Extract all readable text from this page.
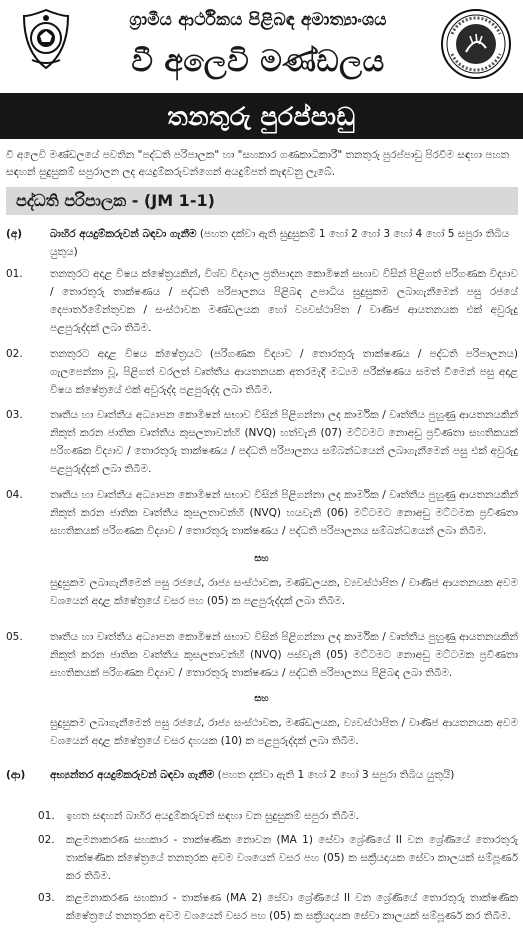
ග්‍රාමීය ආර්ථිකය පිළිබඳ අමාත්‍යාංශය
වී අලෙවි මණ්ඩලය
තනතුරු පුරප්පාඩු
වී අලෙවි මණ්ඩලයේ පවතින "පද්ධති පරිපාලක" හා "සහකාර ගණකාධිකාරී" තනතුරු පුරප්පාඩු පිරවීම සඳහා පහත සඳහන් සුදුසුකම් සපුරාලන ලද අයදුම්කරුවන්ගෙන් අයදුම්පත් කැඳවනු ලැබේ.
පද්ධති පරිපාලක - (JM 1-1)
(අ)	බාහිර අයදුම්කරුවන් බඳවා ගැනීම (පහත දක්වා ඇති සුදුසුකම් 1 හෝ 2 හෝ 3 හෝ 4 හෝ 5 සපුරා තිබිය යුතුය)
01.	තනතුරට අදාළ විෂය ක්ෂේත්‍රයකින්, විශ්ව විද්‍යාල ප්‍රතිපාදන කොමිෂන් සභාව විසින් පිළිගත් පරිගණක විද්‍යාව / තොරතුරු තාක්ෂණය / පද්ධති පරිපාලනය පිළිබඳ උපාධිය සුදුසුකම ලබාගැනීමෙන් පසු රජයේ දෙපාර්තමේන්තුවක / සංස්ථාවක මණ්ඩලයක හෝ ව්‍යවස්ථාපිත / වාණිජ ආයතනයක එක් අවුරුදු පළපුරුද්දක් ලබා තිබීම.
02.	තනතුරට අදාළ විෂය ක්ෂේත්‍රයට (පරිගණක විද්‍යාව / තොරතුරු තාක්ෂණය / පද්ධති පරිපාලනය) ගැලපෙන්නා වූ, පිළිගත් වරලත් වෘත්තීය ආයතනයක අතරමැදි මධ්‍යම පරීක්ෂණය සමත් වීමෙන් පසු අදාළ විෂය ක්ෂේත්‍රයේ එක් අවුරුද්ද පළපුරුද්ද ලබා තිබීම.
03.	තෘතීය හා වෘත්තීය අධ්‍යාපන කොමිෂන් සභාව විසින් පිළිගන්නා ලද කාර්මික / වෘත්තීය පුහුණු ආයතනයකින් නිකුත් කරන ජාතික වෘත්තීය කුසලතාවන්හි (NVQ) හත්වැනි (07) මට්ටමට නොඅඩු ප්‍රවීණතා සහතිකයක් පරිගණක විද්‍යාව / තොරතුරු තාක්ෂණය / පද්ධති පරිපාලනය සම්බන්ධයෙන් ලබාගැනීමෙන් පසු එක් අවුරුදු පළපුරුද්දක් ලබා තිබීම.
04.	තෘතීය හා වෘත්තීය අධ්‍යාපන කොමිෂන් සභාව විසින් පිළිගන්නා ලද කාර්මික / වෘත්තීය පුහුණු ආයතනයකින් නිකුත් කරන ජාතික වෘත්තීය කුසලතාවන්හි (NVQ) හයවැනි (06) මට්ටමට නොඅඩු මට්ටමක ප්‍රවීණතා සහතිකයක් පරිගණක විද්‍යාව / තොරතුරු තාක්ෂණය / පද්ධති පරිපාලනය සම්බන්ධයෙන් ලබා තිබීම.
සහ
සුදුසුකම ලබාගැනීමෙන් පසු රජයේ, රාජ්‍ය සංස්ථාවක, මණ්ඩලයක, ව්‍යවස්ථාපිත / වාණිජ ආයතනයක අවම වශයෙන් අදාළ ක්ෂේත්‍රයේ වසර පහ (05) ක පළපුරුද්දක් ලබා තිබීම.
05.	තෘතීය හා වෘත්තීය අධ්‍යාපන කොමිෂන් සභාව විසින් පිළිගන්නා ලද කාර්මික / වෘත්තීය පුහුණු ආයතනයකින් නිකුත් කරන ජාතික වෘත්තීය කුසලතාවන්හි (NVQ) පස්වැනි (05) මට්ටමට නොඅඩු මට්ටමක ප්‍රවීණතා සහතිකයක් පරිගණක විද්‍යාව / තොරතුරු තාක්ෂණය / පද්ධති පරිපාලනය පිළිබඳ ලබා තිබීම.
සහ
සුදුසුකම ලබාගැනීමෙන් පසු රජයේ, රාජ්‍ය සංස්ථාවක, මණ්ඩලයක, ව්‍යවස්ථාපිත / වාණිජ ආයතනයක අවම වශයෙන් අදාළ ක්ෂේත්‍රයේ වසර දහයක (10) ක පළපුරුද්දක් ලබා තිබීම.
(ආ) අභ්‍යන්තර අයදුම්කරුවන් බඳවා ගැනීම (පහත දක්වා ඇති 1 හෝ 2 හෝ 3 සපුරා තිබිය යුතුයි)
01. ඉහත සඳහන් බාහිර අයදුම්කරුවන් සඳහා වන සුදුසුකම් සපුරා තිබීම.
02. කළමනාකරණ සහකාර - තාක්ෂණික නොවන (MA 1) සේවා ශ්‍රේණියේ II වන ශ්‍රේණියේ තොරතුරු තාක්ෂණික ක්ෂේත්‍රයේ තනතුරක අවම වශයෙන් වසර පහ (05) ක සක්‍රීයදායක සේවා කාලයක් සම්පූර්ණ කර තිබීම.
03. කළමනාකරණ සහකාර - තාක්ෂණ (MA 2) සේවා ශ්‍රේණියේ II වන ශ්‍රේණියේ තොරතුරු තාක්ෂණික ක්ෂේත්‍රයේ තනතුරක අවම වශයෙන් වසර පහ (05) ක සක්‍රීයදායක සේවා කාලයක් සම්පූර්ණ කර තිබීම.
